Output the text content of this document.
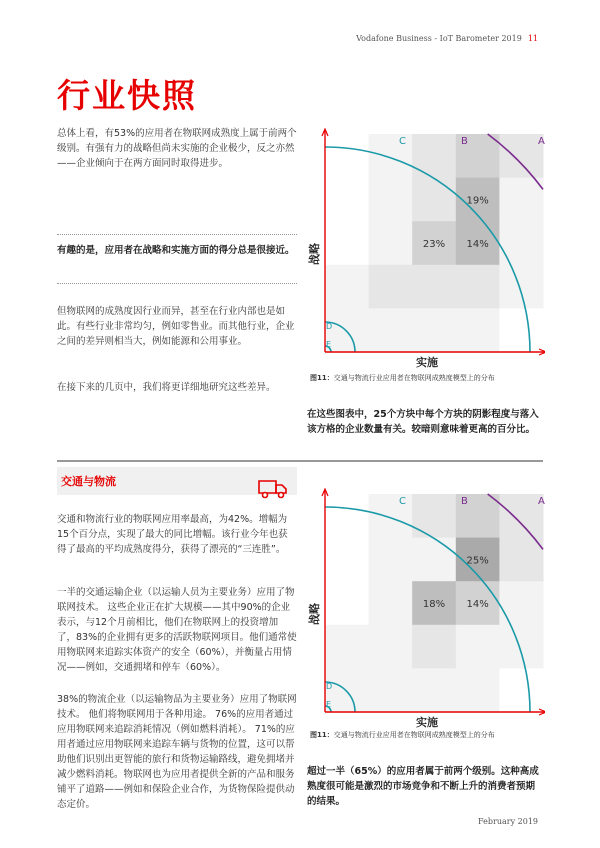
Vodafone Business - IoT Barometer 2019 11
行业快照
总体上看，有53%的应用者在物联网成熟度上属于前两个级别。有强有力的战略但尚未实施的企业极少，反之亦然——企业倾向于在两方面同时取得进步。
有趣的是，应用者在战略和实施方面的得分总是很接近。
但物联网的成熟度因行业而异，甚至在行业内部也是如此。有些行业非常均匀，例如零售业。而其他行业，企业之间的差异则相当大，例如能源和公用事业。
在接下来的几页中，我们将更详细地研究这些差异。
交通与物流
交通和物流行业的物联网应用率最高，为42%。增幅为15个百分点，实现了最大的同比增幅。该行业今年也获得了最高的平均成熟度得分，获得了漂亮的“三连胜”。
一半的交通运输企业（以运输人员为主要业务）应用了物联网技术。 这些企业正在扩大规模——其中90%的企业表示，与12个月前相比，他们在物联网上的投资增加了，83%的企业拥有更多的活跃物联网项目。他们通常使用物联网来追踪实体资产的安全（60%），并衡量占用情况——例如，交通拥堵和停车（60%）。
38%的物流企业（以运输物品为主要业务）应用了物联网技术。 他们将物联网用于各种用途。 76%的应用者通过应用物联网来追踪消耗情况（例如燃料消耗）。 71%的应用者通过应用物联网来追踪车辆与货物的位置，这可以帮助他们识别出更智能的旅行和货物运输路线，避免拥堵并减少燃料消耗。物联网也为应用者提供全新的产品和服务铺平了道路——例如和保险企业合作，为货物保险提供动态定价。
A
B
C
D
E
19%
23% 14%
战略
实施
图11：交通与物流行业应用者在物联网成熟度模型上的分布
在这些图表中，25个方块中每个方块的阴影程度与落入该方格的企业数量有关。较暗则意味着更高的百分比。
A
B
C
D
E
25%
18% 14%
战略
实施
图11：交通与物流行业应用者在物联网成熟度模型上的分布
超过一半（65%）的应用者属于前两个级别。这种高成熟度很可能是激烈的市场竞争和不断上升的消费者预期的结果。
February 2019
